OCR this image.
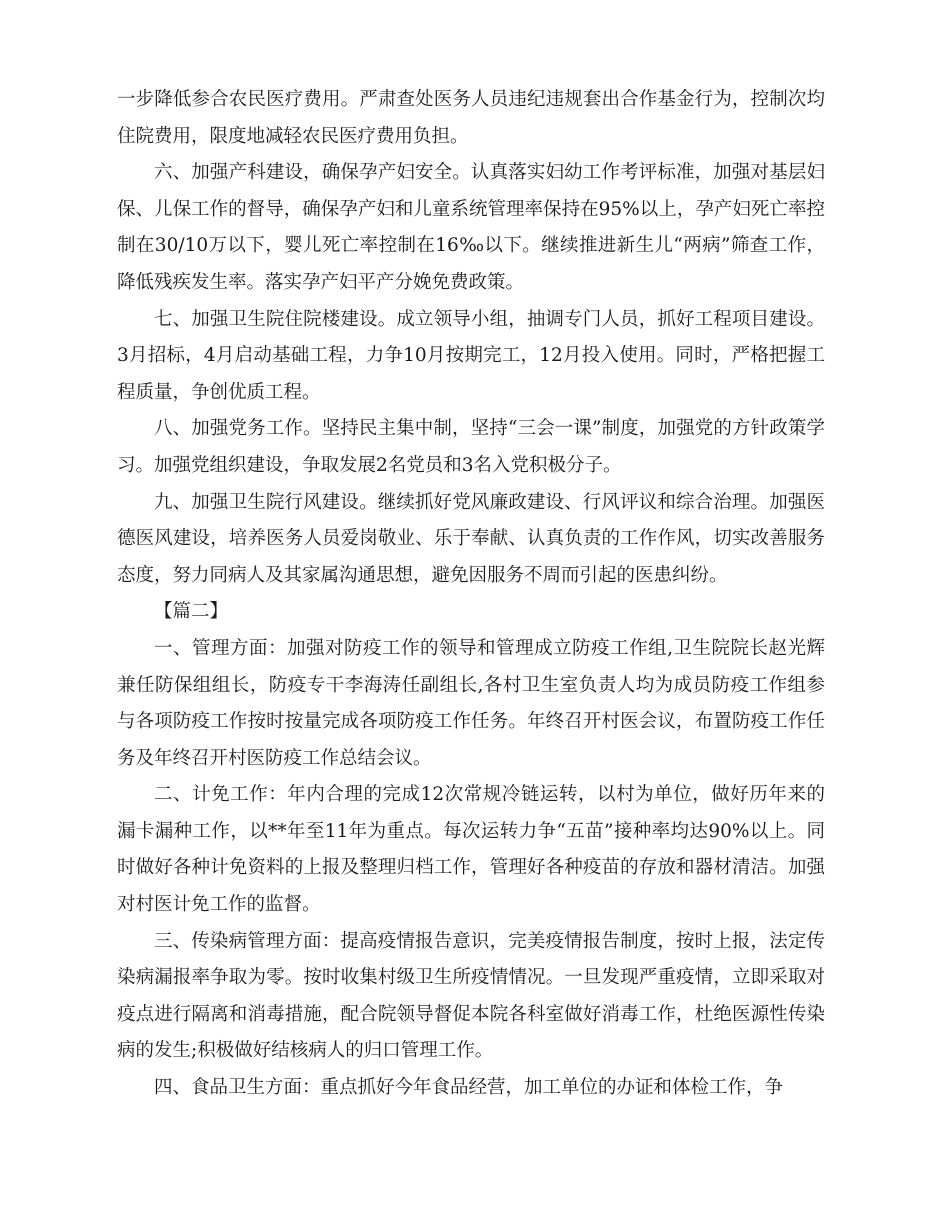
一步降低参合农民医疗费用。严肃查处医务人员违纪违规套出合作基金行为，控制次均住院费用，限度地减轻农民医疗费用负担。

六、加强产科建设，确保孕产妇安全。认真落实妇幼工作考评标准，加强对基层妇保、儿保工作的督导，确保孕产妇和儿童系统管理率保持在95%以上，孕产妇死亡率控制在30/10万以下，婴儿死亡率控制在16‰以下。继续推进新生儿“两病”筛查工作，降低残疾发生率。落实孕产妇平产分娩免费政策。

七、加强卫生院住院楼建设。成立领导小组，抽调专门人员，抓好工程项目建设。3月招标，4月启动基础工程，力争10月按期完工，12月投入使用。同时，严格把握工程质量，争创优质工程。

八、加强党务工作。坚持民主集中制，坚持“三会一课”制度，加强党的方针政策学习。加强党组织建设，争取发展2名党员和3名入党积极分子。

九、加强卫生院行风建设。继续抓好党风廉政建设、行风评议和综合治理。加强医德医风建设，培养医务人员爱岗敬业、乐于奉献、认真负责的工作作风，切实改善服务态度，努力同病人及其家属沟通思想，避免因服务不周而引起的医患纠纷。

【篇二】

一、管理方面：加强对防疫工作的领导和管理成立防疫工作组,卫生院院长赵光辉兼任防保组组长，防疫专干李海涛任副组长,各村卫生室负责人均为成员防疫工作组参与各项防疫工作按时按量完成各项防疫工作任务。年终召开村医会议，布置防疫工作任务及年终召开村医防疫工作总结会议。

二、计免工作：年内合理的完成12次常规冷链运转，以村为单位，做好历年来的漏卡漏种工作，以**年至11年为重点。每次运转力争“五苗”接种率均达90%以上。同时做好各种计免资料的上报及整理归档工作，管理好各种疫苗的存放和器材清洁。加强对村医计免工作的监督。

三、传染病管理方面：提高疫情报告意识，完美疫情报告制度，按时上报，法定传染病漏报率争取为零。按时收集村级卫生所疫情情况。一旦发现严重疫情，立即采取对疫点进行隔离和消毒措施，配合院领导督促本院各科室做好消毒工作，杜绝医源性传染病的发生;积极做好结核病人的归口管理工作。

四、食品卫生方面：重点抓好今年食品经营，加工单位的办证和体检工作，争
